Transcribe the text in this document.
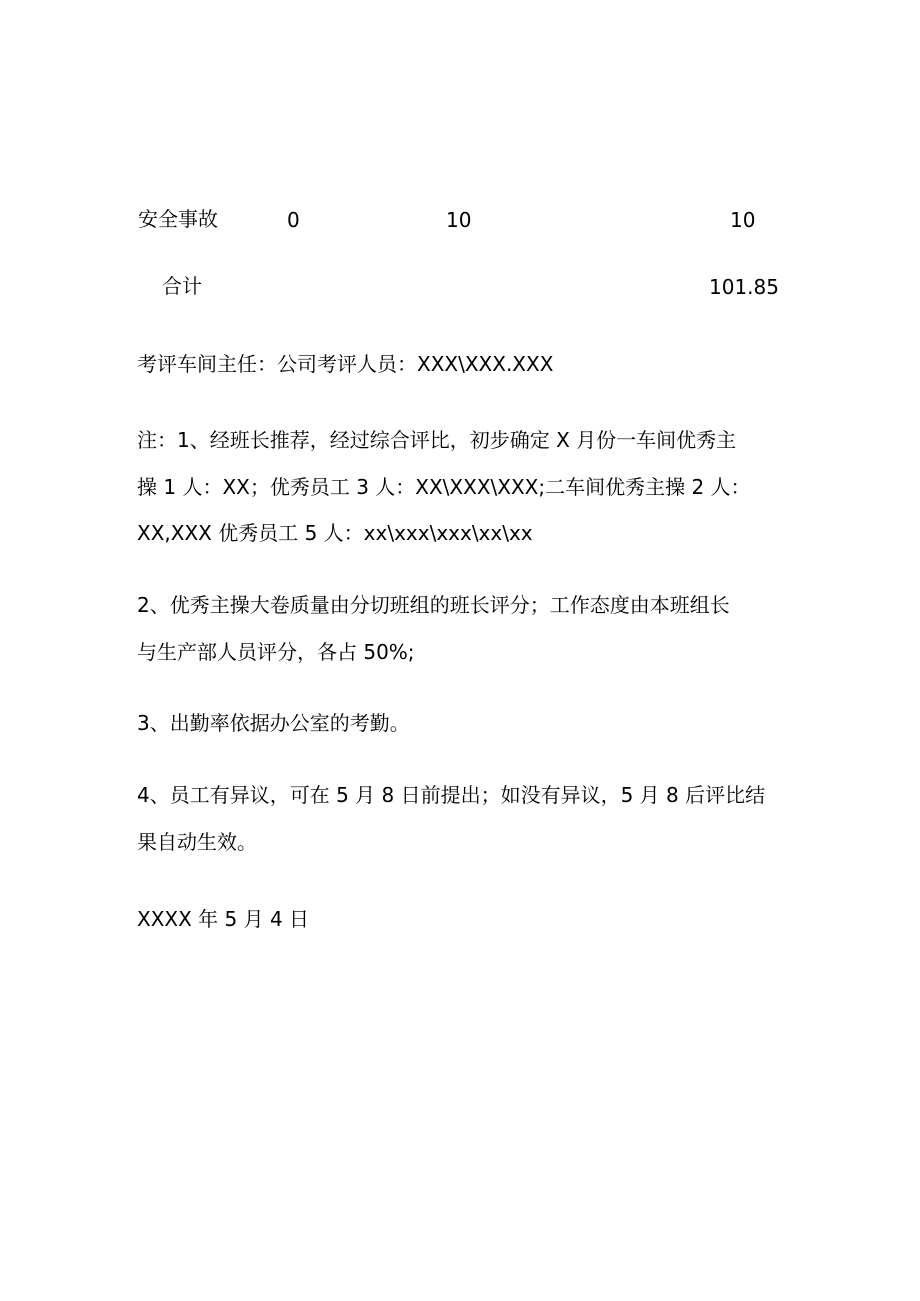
安全事故	0	10	10
合计	101.85
考评车间主任：公司考评人员：XXX\XXX.XXX
注：1、经班长推荐，经过综合评比，初步确定 X 月份一车间优秀主
操 1 人：XX；优秀员工 3 人：XX\XXX\XXX;二车间优秀主操 2 人：
XX,XXX 优秀员工 5 人：xx\xxx\xxx\xx\xx
2、优秀主操大卷质量由分切班组的班长评分；工作态度由本班组长
与生产部人员评分，各占 50%;
3、出勤率依据办公室的考勤。
4、员工有异议，可在 5 月 8 日前提出；如没有异议，5 月 8 后评比结
果自动生效。
XXXX 年 5 月 4 日
